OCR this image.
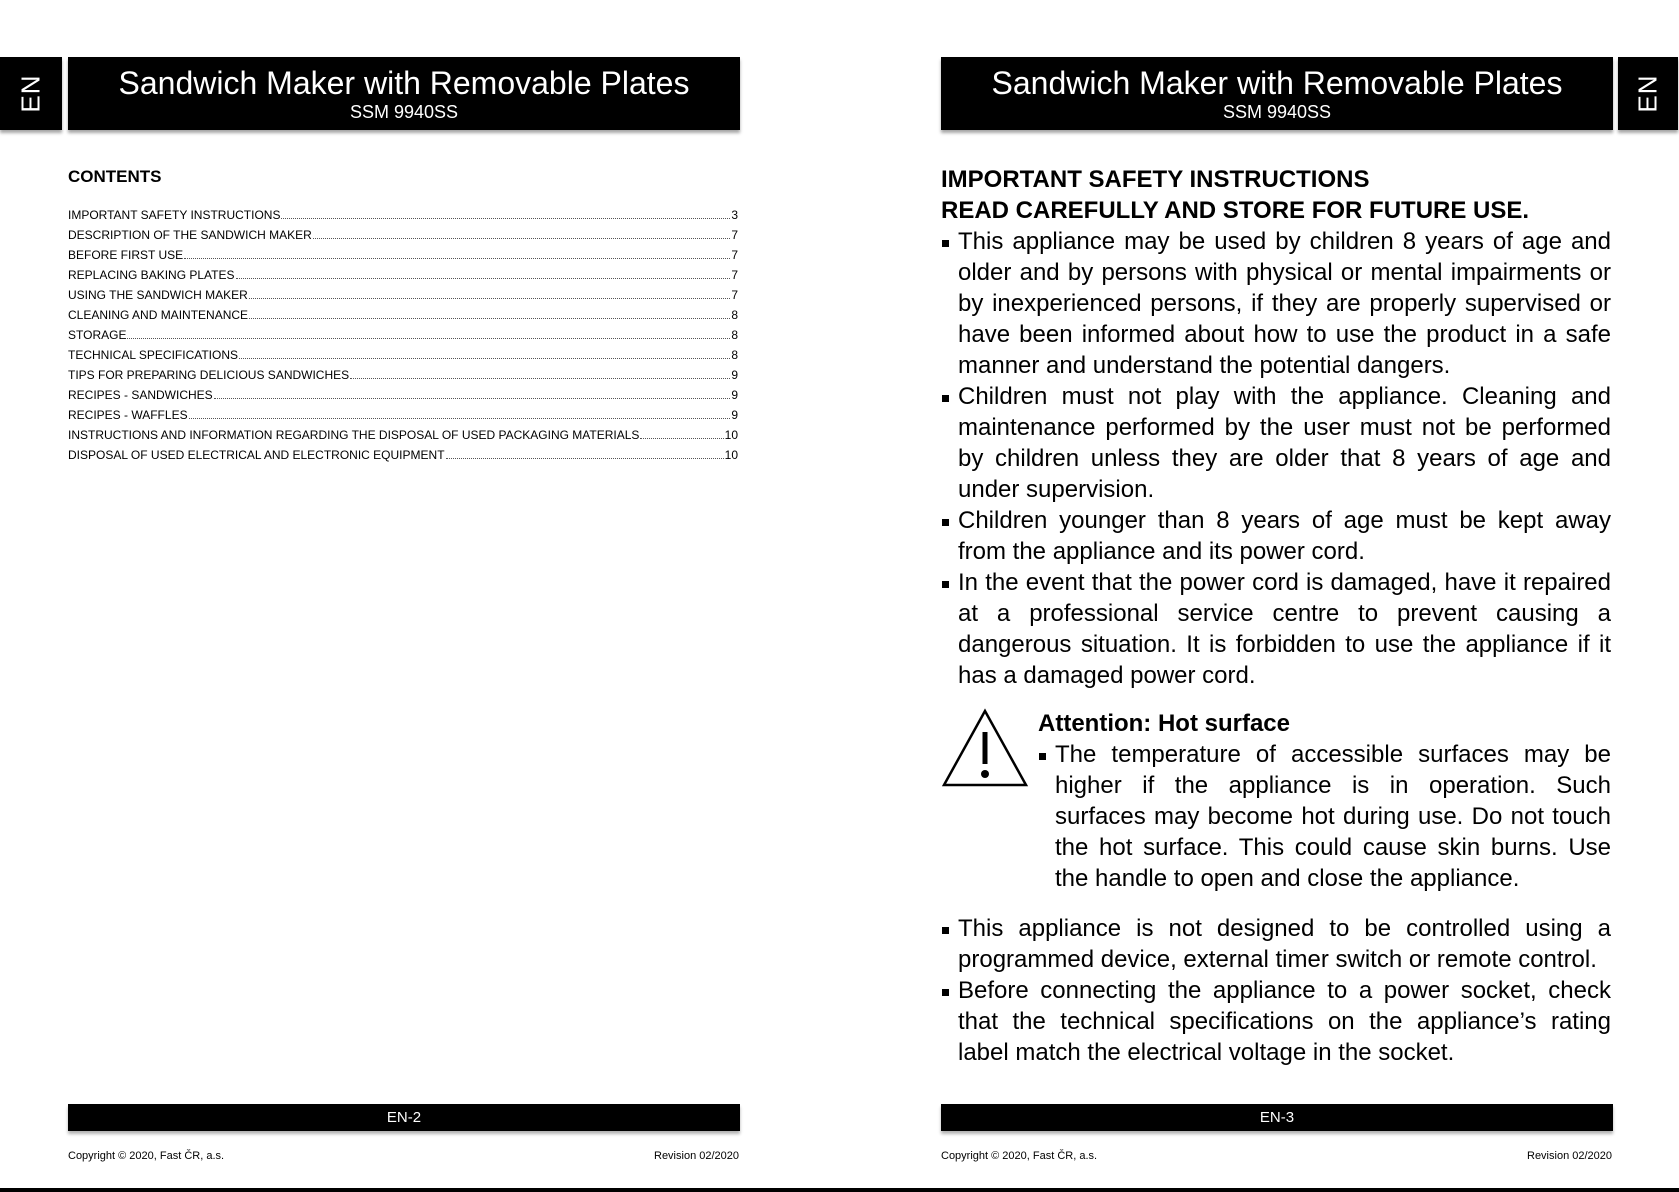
EN	Sandwich Maker with Removable Plates
SSM 9940SS
CONTENTS
IMPORTANT SAFETY INSTRUCTIONS	3
DESCRIPTION OF THE SANDWICH MAKER	7
BEFORE FIRST USE	7
REPLACING BAKING PLATES	7
USING THE SANDWICH MAKER	7
CLEANING AND MAINTENANCE	8
STORAGE	8
TECHNICAL SPECIFICATIONS	8
TIPS FOR PREPARING DELICIOUS SANDWICHES	9
RECIPES - SANDWICHES	9
RECIPES - WAFFLES	9
INSTRUCTIONS AND INFORMATION REGARDING THE DISPOSAL OF USED PACKAGING MATERIALS	10
DISPOSAL OF USED ELECTRICAL AND ELECTRONIC EQUIPMENT	10
EN-2
Copyright © 2020, Fast ČR, a.s.	Revision 02/2020
Sandwich Maker with Removable Plates
SSM 9940SS	EN
IMPORTANT SAFETY INSTRUCTIONS
READ CAREFULLY AND STORE FOR FUTURE USE.
This appliance may be used by children 8 years of age and older and by persons with physical or mental impairments or by inexperienced persons, if they are properly supervised or have been informed about how to use the product in a safe manner and understand the potential dangers.
Children must not play with the appliance. Cleaning and maintenance performed by the user must not be performed by children unless they are older that 8 years of age and under supervision.
Children younger than 8 years of age must be kept away from the appliance and its power cord.
In the event that the power cord is damaged, have it repaired at a professional service centre to prevent causing a dangerous situation. It is forbidden to use the appliance if it has a damaged power cord.
Attention: Hot surface
The temperature of accessible surfaces may be higher if the appliance is in operation. Such surfaces may become hot during use. Do not touch the hot surface. This could cause skin burns. Use the handle to open and close the appliance.
This appliance is not designed to be controlled using a programmed device, external timer switch or remote control.
Before connecting the appliance to a power socket, check that the technical specifications on the appliance’s rating label match the electrical voltage in the socket.
EN-3
Copyright © 2020, Fast ČR, a.s.	Revision 02/2020
